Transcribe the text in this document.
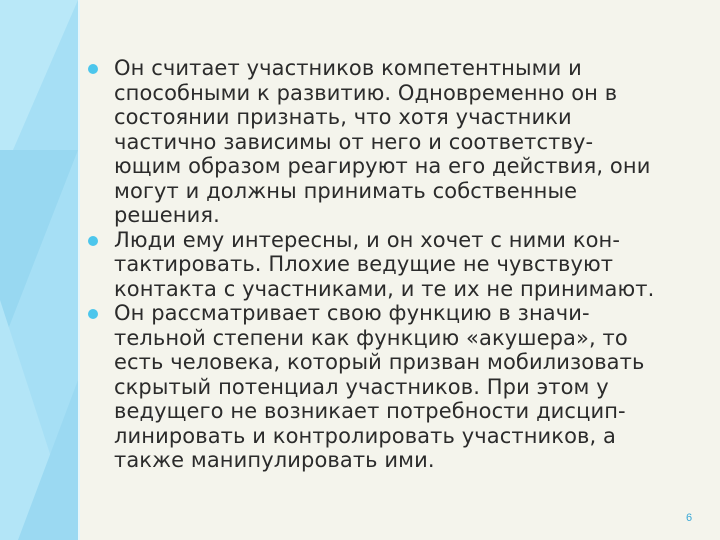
Он считает участников компетентными и
способными к развитию. Одновременно он в
состоянии признать, что хотя участники
частично зависимы от него и соответству-
ющим образом реагируют на его действия, они
могут и должны принимать собственные
решения.
Люди ему интересны, и он хочет с ними кон-
тактировать. Плохие ведущие не чувствуют
контакта с участниками, и те их не принимают.
Он рассматривает свою функцию в значи-
тельной степени как функцию «акушера», то
есть человека, который призван мобилизовать
скрытый потенциал участников. При этом у
ведущего не возникает потребности дисцип-
линировать и контролировать участников, а
также манипулировать ими.
6
